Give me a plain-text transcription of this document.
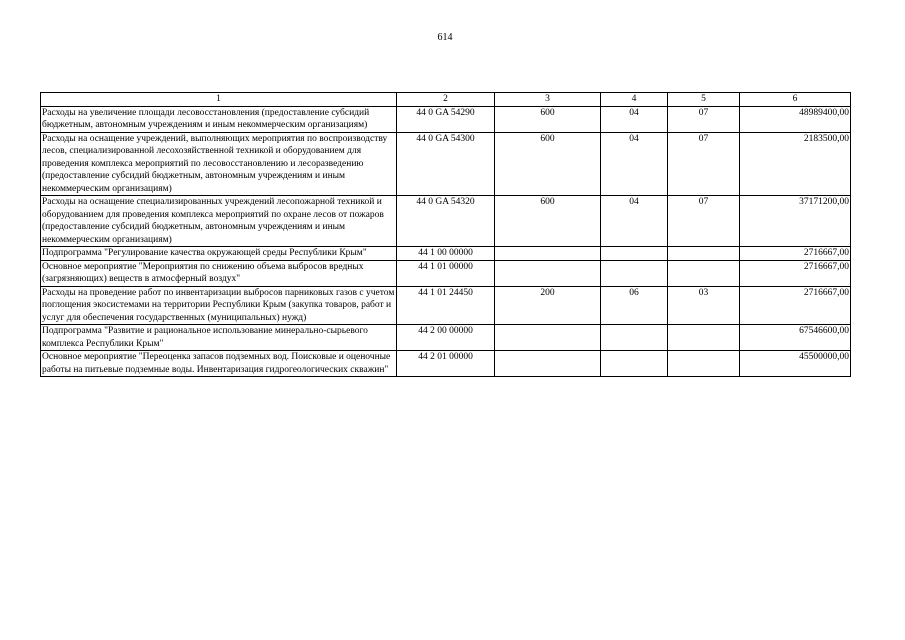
614
1	2	3	4	5	6
Расходы на увеличение площади лесовосстановления (предоставление субсидий бюджетным, автономным учреждениям и иным некоммерческим организациям)	44 0 GA 54290	600	04	07	48989400,00
Расходы на оснащение учреждений, выполняющих мероприятия по воспроизводству лесов, специализированной лесохозяйственной техникой и оборудованием для проведения комплекса мероприятий по лесовосстановлению и лесоразведению (предоставление субсидий бюджетным, автономным учреждениям и иным некоммерческим организациям)	44 0 GA 54300	600	04	07	2183500,00
Расходы на оснащение специализированных учреждений лесопожарной техникой и оборудованием для проведения комплекса мероприятий по охране лесов от пожаров (предоставление субсидий бюджетным, автономным учреждениям и иным некоммерческим организациям)	44 0 GA 54320	600	04	07	37171200,00
Подпрограмма "Регулирование качества окружающей среды Республики Крым"	44 1 00 00000				2716667,00
Основное мероприятие "Мероприятия по снижению объема выбросов вредных (загрязняющих) веществ в атмосферный воздух"	44 1 01 00000				2716667,00
Расходы на проведение работ по инвентаризации выбросов парниковых газов с учетом поглощения экосистемами на территории Республики Крым (закупка товаров, работ и услуг для обеспечения государственных (муниципальных) нужд)	44 1 01 24450	200	06	03	2716667,00
Подпрограмма "Развитие и рациональное использование минерально-сырьевого комплекса Республики Крым"	44 2 00 00000				67546600,00
Основное мероприятие "Переоценка запасов подземных вод. Поисковые и оценочные работы на питьевые подземные воды. Инвентаризация гидрогеологических скважин"	44 2 01 00000				45500000,00
